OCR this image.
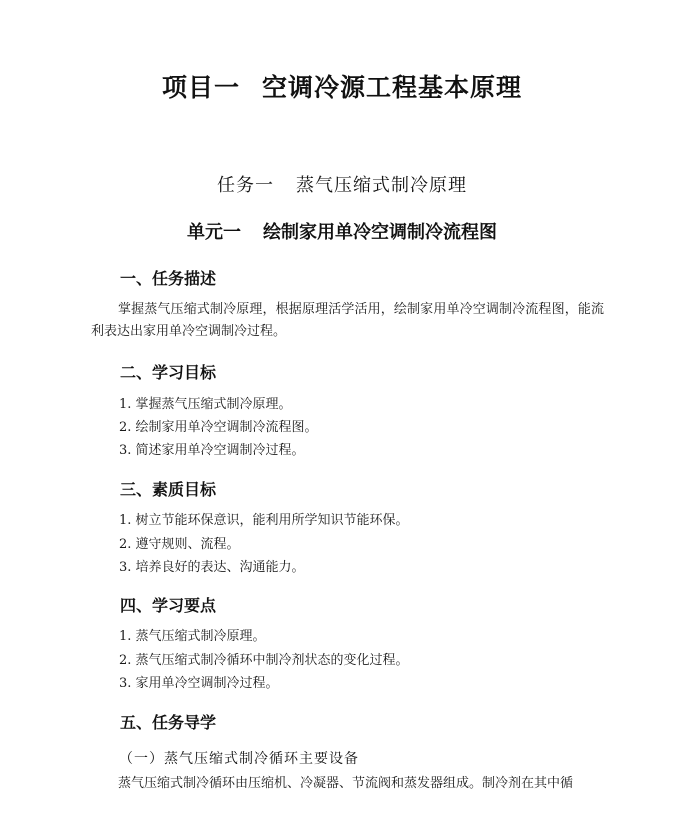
项目一 空调冷源工程基本原理
任务一 蒸气压缩式制冷原理
单元一 绘制家用单冷空调制冷流程图
一、任务描述
掌握蒸气压缩式制冷原理，根据原理活学活用，绘制家用单冷空调制冷流程图，能流利表达出家用单冷空调制冷过程。
二、学习目标
1. 掌握蒸气压缩式制冷原理。
2. 绘制家用单冷空调制冷流程图。
3. 简述家用单冷空调制冷过程。
三、素质目标
1. 树立节能环保意识，能利用所学知识节能环保。
2. 遵守规则、流程。
3. 培养良好的表达、沟通能力。
四、学习要点
1. 蒸气压缩式制冷原理。
2. 蒸气压缩式制冷循环中制冷剂状态的变化过程。
3. 家用单冷空调制冷过程。
五、任务导学
（一）蒸气压缩式制冷循环主要设备
蒸气压缩式制冷循环由压缩机、冷凝器、节流阀和蒸发器组成。制冷剂在其中循
